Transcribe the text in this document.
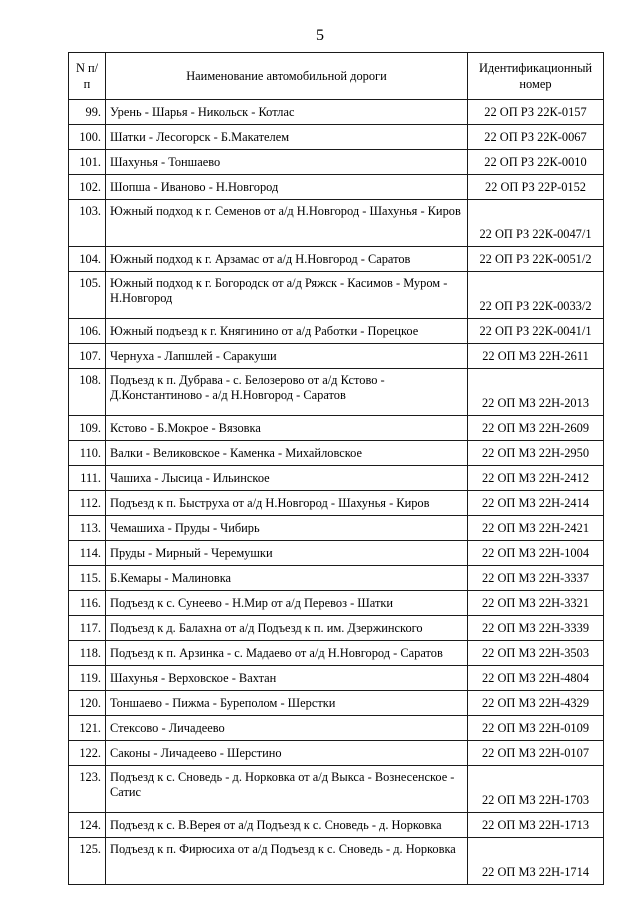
5
N п/п	Наименование автомобильной дороги	Идентификационный номер
99.	Урень - Шарья - Никольск - Котлас	22 ОП РЗ 22К-0157
100.	Шатки - Лесогорск - Б.Макателем	22 ОП РЗ 22К-0067
101.	Шахунья - Тоншаево	22 ОП РЗ 22К-0010
102.	Шопша - Иваново - Н.Новгород	22 ОП РЗ 22Р-0152
103.	Южный подход к г. Семенов от а/д Н.Новгород - Шахунья - Киров	22 ОП РЗ 22К-0047/1
104.	Южный подход к г. Арзамас от а/д Н.Новгород - Саратов	22 ОП РЗ 22К-0051/2
105.	Южный подход к г. Богородск от а/д Ряжск - Касимов - Муром - Н.Новгород	22 ОП РЗ 22К-0033/2
106.	Южный подъезд к г. Княгинино от а/д Работки - Порецкое	22 ОП РЗ 22К-0041/1
107.	Чернуха - Лапшлей - Саракуши	22 ОП МЗ 22Н-2611
108.	Подъезд к п. Дубрава - с. Белозерово от а/д Кстово - Д.Константиново - а/д Н.Новгород - Саратов	22 ОП МЗ 22Н-2013
109.	Кстово - Б.Мокрое - Вязовка	22 ОП МЗ 22Н-2609
110.	Валки - Великовское - Каменка - Михайловское	22 ОП МЗ 22Н-2950
111.	Чашиха - Лысица - Ильинское	22 ОП МЗ 22Н-2412
112.	Подъезд к п. Быструха от а/д Н.Новгород - Шахунья - Киров	22 ОП МЗ 22Н-2414
113.	Чемашиха - Пруды - Чибирь	22 ОП МЗ 22Н-2421
114.	Пруды - Мирный - Черемушки	22 ОП МЗ 22Н-1004
115.	Б.Кемары - Малиновка	22 ОП МЗ 22Н-3337
116.	Подъезд к с. Сунеево - Н.Мир от а/д Перевоз - Шатки	22 ОП МЗ 22Н-3321
117.	Подъезд к д. Балахна от а/д Подъезд к п. им. Дзержинского	22 ОП МЗ 22Н-3339
118.	Подъезд к п. Арзинка - с. Мадаево от а/д Н.Новгород - Саратов	22 ОП МЗ 22Н-3503
119.	Шахунья - Верховское - Вахтан	22 ОП МЗ 22Н-4804
120.	Тоншаево - Пижма - Буреполом - Шерстки	22 ОП МЗ 22Н-4329
121.	Стексово - Личадеево	22 ОП МЗ 22Н-0109
122.	Саконы - Личадеево - Шерстино	22 ОП МЗ 22Н-0107
123.	Подъезд к с. Сноведь - д. Норковка от а/д Выкса - Вознесенское - Сатис	22 ОП МЗ 22Н-1703
124.	Подъезд к с. В.Верея от а/д Подъезд к с. Сноведь - д. Норковка	22 ОП МЗ 22Н-1713
125.	Подъезд к п. Фирюсиха от а/д Подъезд к с. Сноведь - д. Норковка	22 ОП МЗ 22Н-1714
